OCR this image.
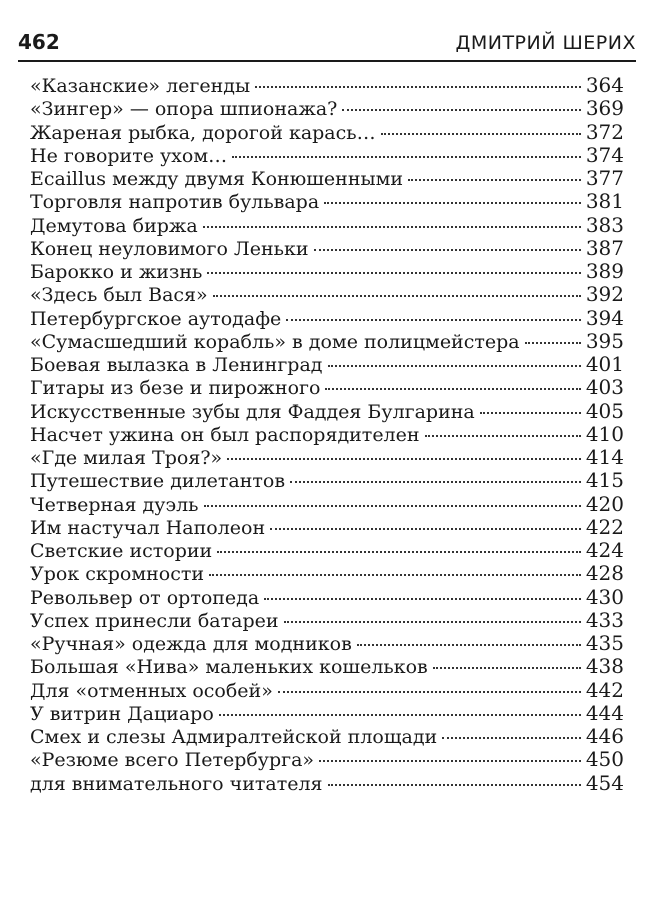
462	ДМИТРИЙ ШЕРИХ
«Казанские» легенды	364
«Зингер» — опора шпионажа?	369
Жареная рыбка, дорогой карась…	372
Не говорите ухом…	374
Ecaillus между двумя Конюшенными	377
Торговля напротив бульвара	381
Демутова биржа	383
Конец неуловимого Леньки	387
Барокко и жизнь	389
«Здесь был Вася»	392
Петербургское аутодафе	394
«Сумасшедший корабль» в доме полицмейстера	395
Боевая вылазка в Ленинград	401
Гитары из безе и пирожного	403
Искусственные зубы для Фаддея Булгарина	405
Насчет ужина он был распорядителен	410
«Где милая Троя?»	414
Путешествие дилетантов	415
Четверная дуэль	420
Им настучал Наполеон	422
Светские истории	424
Урок скромности	428
Револьвер от ортопеда	430
Успех принесли батареи	433
«Ручная» одежда для модников	435
Большая «Нива» маленьких кошельков	438
Для «отменных особей»	442
У витрин Дациаро	444
Смех и слезы Адмиралтейской площади	446
«Резюме всего Петербурга»	450
для внимательного читателя	454
